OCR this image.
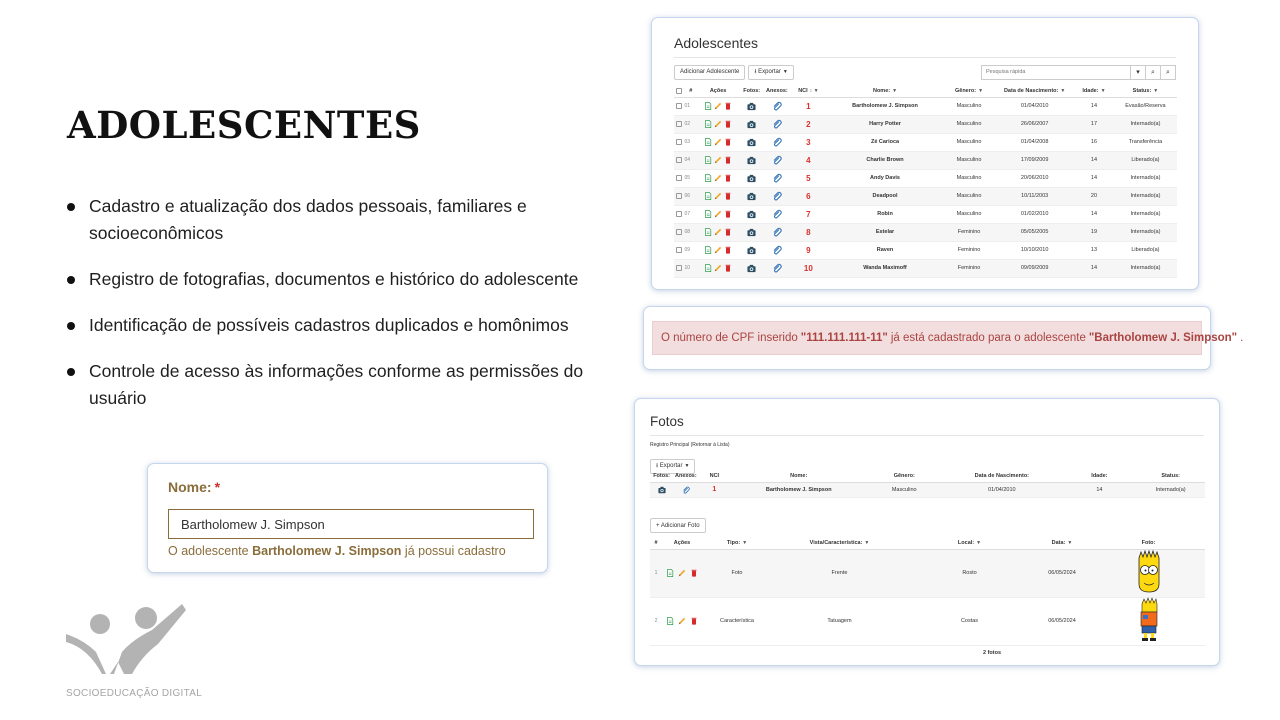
ADOLESCENTES
Cadastro e atualização dos dados pessoais, familiares e socioeconômicos
Registro de fotografias, documentos e histórico do adolescente
Identificação de possíveis cadastros duplicados e homônimos
Controle de acesso às informações conforme as permissões do usuário
Nome: *
Bartholomew J. Simpson
O adolescente Bartholomew J. Simpson já possui cadastro
SOCIOEDUCAÇÃO DIGITAL
Adolescentes
Adicionar Adolescente	⭳
Exportar ▼
Pesquisa rápida	▾	⌕	⌕
	#	Ações	Fotos:	Anexos:	NCI ↕ ▼	Nome: ▼	Gênero: ▼	Data de Nascimento: ▼	Idade: ▼	Status: ▼
	01				1	Bartholomew J. Simpson	Masculino	01/04/2010	14	Evasão/Reserva
	02				2	Harry Potter	Masculino	26/06/2007	17	Internado(a)
	03				3	Zé Carioca	Masculino	01/04/2008	16	Transferência
	04				4	Charlie Brown	Masculino	17/09/2009	14	Liberado(a)
	05				5	Andy Davis	Masculino	20/06/2010	14	Internado(a)
	06				6	Deadpool	Masculino	10/11/2003	20	Internado(a)
	07				7	Robin	Masculino	01/02/2010	14	Internado(a)
	08				8	Estelar	Feminino	05/05/2005	19	Internado(a)
	09				9	Raven	Feminino	10/10/2010	13	Liberado(a)
	10				10	Wanda Maximoff	Feminino	09/09/2009	14	Internado(a)
O número de CPF inserido "111.111.111-11" já está cadastrado para o adolescente "Bartholomew J. Simpson" .
Fotos
Registro Principal (Retornar à Lista)
⭳
Exportar ▼
Fotos:	Anexos:	NCI	Nome:	Gênero:	Data de Nascimento:	Idade:	Status:
		1	Bartholomew J. Simpson	Masculino	01/04/2010	14	Internado(a)
+ Adicionar Foto
#	Ações	Tipo: ▼	Vista/Característica: ▼	Local: ▼	Data: ▼	Foto:
1		Foto	Frente	Rosto	06/05/2024	
2		Característica	Tatuagem	Costas	06/05/2024	
2 fotos
